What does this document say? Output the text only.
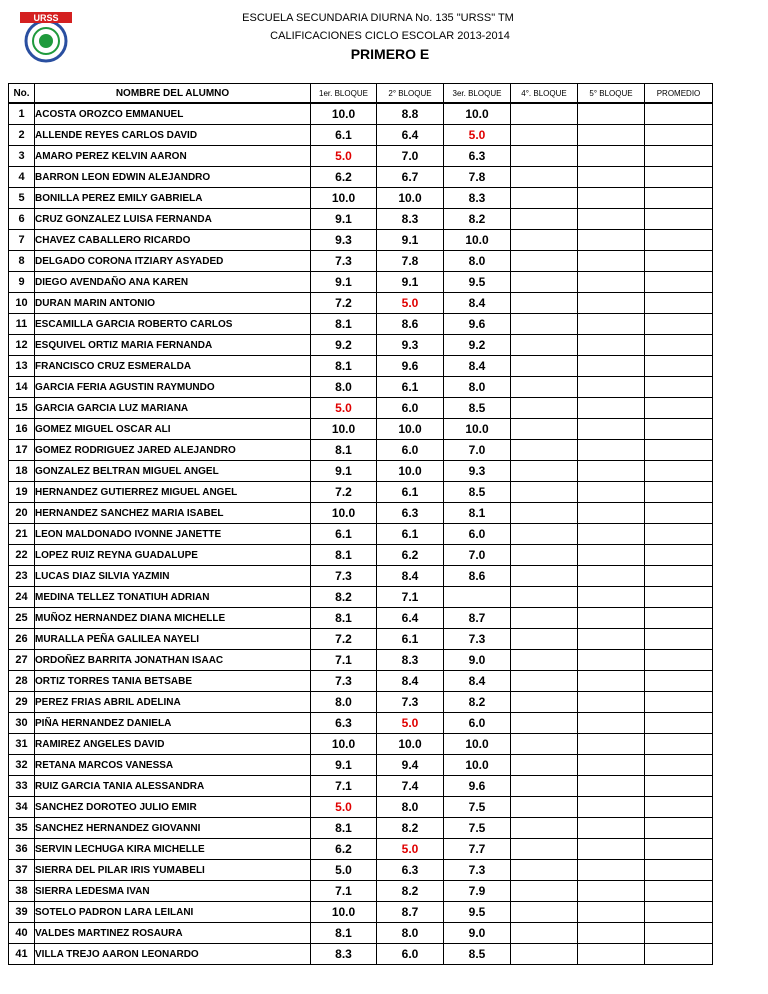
URSS	ESCUELA SECUNDARIA DIURNA No. 135 "URSS" TM
CALIFICACIONES CICLO ESCOLAR 2013-2014
PRIMERO E
No.	NOMBRE DEL ALUMNO	1er. BLOQUE	2° BLOQUE	3er. BLOQUE	4°. BLOQUE	5° BLOQUE	PROMEDIO
1	ACOSTA OROZCO EMMANUEL	10.0	8.8	10.0			
2	ALLENDE REYES CARLOS DAVID	6.1	6.4	5.0			
3	AMARO PEREZ KELVIN AARON	5.0	7.0	6.3			
4	BARRON LEON EDWIN ALEJANDRO	6.2	6.7	7.8			
5	BONILLA PEREZ EMILY GABRIELA	10.0	10.0	8.3			
6	CRUZ GONZALEZ LUISA FERNANDA	9.1	8.3	8.2			
7	CHAVEZ CABALLERO RICARDO	9.3	9.1	10.0			
8	DELGADO CORONA ITZIARY ASYADED	7.3	7.8	8.0			
9	DIEGO AVENDAÑO ANA KAREN	9.1	9.1	9.5			
10	DURAN MARIN ANTONIO	7.2	5.0	8.4			
11	ESCAMILLA GARCIA ROBERTO CARLOS	8.1	8.6	9.6			
12	ESQUIVEL ORTIZ MARIA FERNANDA	9.2	9.3	9.2			
13	FRANCISCO CRUZ ESMERALDA	8.1	9.6	8.4			
14	GARCIA FERIA AGUSTIN RAYMUNDO	8.0	6.1	8.0			
15	GARCIA GARCIA LUZ MARIANA	5.0	6.0	8.5			
16	GOMEZ MIGUEL OSCAR ALI	10.0	10.0	10.0			
17	GOMEZ RODRIGUEZ JARED ALEJANDRO	8.1	6.0	7.0			
18	GONZALEZ BELTRAN MIGUEL ANGEL	9.1	10.0	9.3			
19	HERNANDEZ GUTIERREZ MIGUEL ANGEL	7.2	6.1	8.5			
20	HERNANDEZ SANCHEZ MARIA ISABEL	10.0	6.3	8.1			
21	LEON MALDONADO IVONNE JANETTE	6.1	6.1	6.0			
22	LOPEZ RUIZ REYNA GUADALUPE	8.1	6.2	7.0			
23	LUCAS DIAZ SILVIA YAZMIN	7.3	8.4	8.6			
24	MEDINA TELLEZ TONATIUH ADRIAN	8.2	7.1				
25	MUÑOZ HERNANDEZ DIANA MICHELLE	8.1	6.4	8.7			
26	MURALLA PEÑA GALILEA NAYELI	7.2	6.1	7.3			
27	ORDOÑEZ BARRITA JONATHAN ISAAC	7.1	8.3	9.0			
28	ORTIZ TORRES TANIA BETSABE	7.3	8.4	8.4			
29	PEREZ FRIAS ABRIL ADELINA	8.0	7.3	8.2			
30	PIÑA HERNANDEZ DANIELA	6.3	5.0	6.0			
31	RAMIREZ ANGELES DAVID	10.0	10.0	10.0			
32	RETANA MARCOS VANESSA	9.1	9.4	10.0			
33	RUIZ GARCIA TANIA ALESSANDRA	7.1	7.4	9.6			
34	SANCHEZ DOROTEO JULIO EMIR	5.0	8.0	7.5			
35	SANCHEZ HERNANDEZ GIOVANNI	8.1	8.2	7.5			
36	SERVIN LECHUGA KIRA MICHELLE	6.2	5.0	7.7			
37	SIERRA DEL PILAR IRIS YUMABELI	5.0	6.3	7.3			
38	SIERRA LEDESMA IVAN	7.1	8.2	7.9			
39	SOTELO PADRON LARA LEILANI	10.0	8.7	9.5			
40	VALDES MARTINEZ ROSAURA	8.1	8.0	9.0			
41	VILLA TREJO AARON LEONARDO	8.3	6.0	8.5			
